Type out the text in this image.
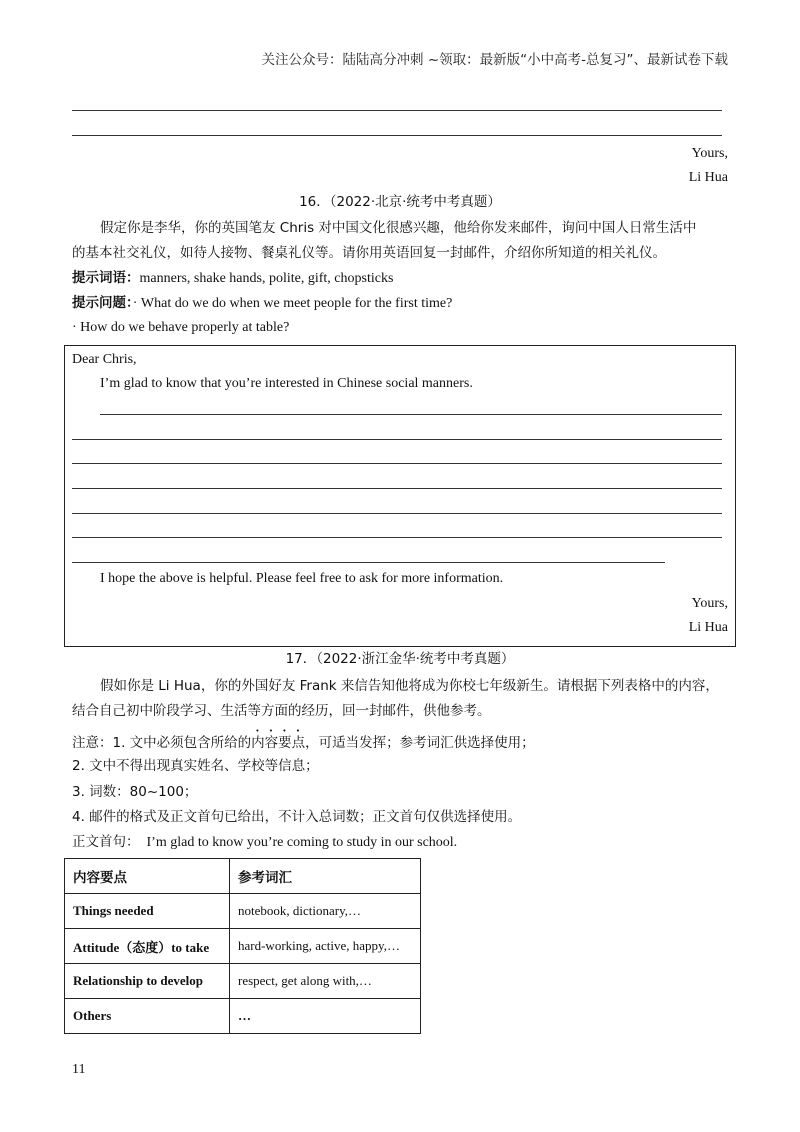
关注公众号：陆陆高分冲刺 ~领取：最新版“小中高考-总复习”、最新试卷下载
Yours,
Li Hua
16．（2022·北京·统考中考真题）
假定你是李华，你的英国笔友 Chris 对中国文化很感兴趣，他给你发来邮件，询问中国人日常生活中
的基本社交礼仪，如待人接物、餐桌礼仪等。请你用英语回复一封邮件，介绍你所知道的相关礼仪。
提示词语：manners, shake hands, polite, gift, chopsticks
提示问题：· What do we do when we meet people for the first time?
· How do we behave properly at table?
Dear Chris,
I’m glad to know that you’re interested in Chinese social manners.
I hope the above is helpful. Please feel free to ask for more information.
Yours,
Li Hua
17．（2022·浙江金华·统考中考真题）
假如你是 Li Hua，你的外国好友 Frank 来信告知他将成为你校七年级新生。请根据下列表格中的内容，
结合自己初中阶段学习、生活等方面的经历，回一封邮件，供他参考。
注意：1. 文中必须包含所给的内容要点，可适当发挥；参考词汇供选择使用；
2. 文中不得出现真实姓名、学校等信息；
3. 词数：80~100；
4. 邮件的格式及正文首句已给出，不计入总词数；正文首句仅供选择使用。
正文首句： I’m glad to know you’re coming to study in our school.
内容要点	参考词汇
Things needed	notebook, dictionary,…
Attitude（态度）to take	hard-working, active, happy,…
Relationship to develop	respect, get along with,…
Others	…
11
